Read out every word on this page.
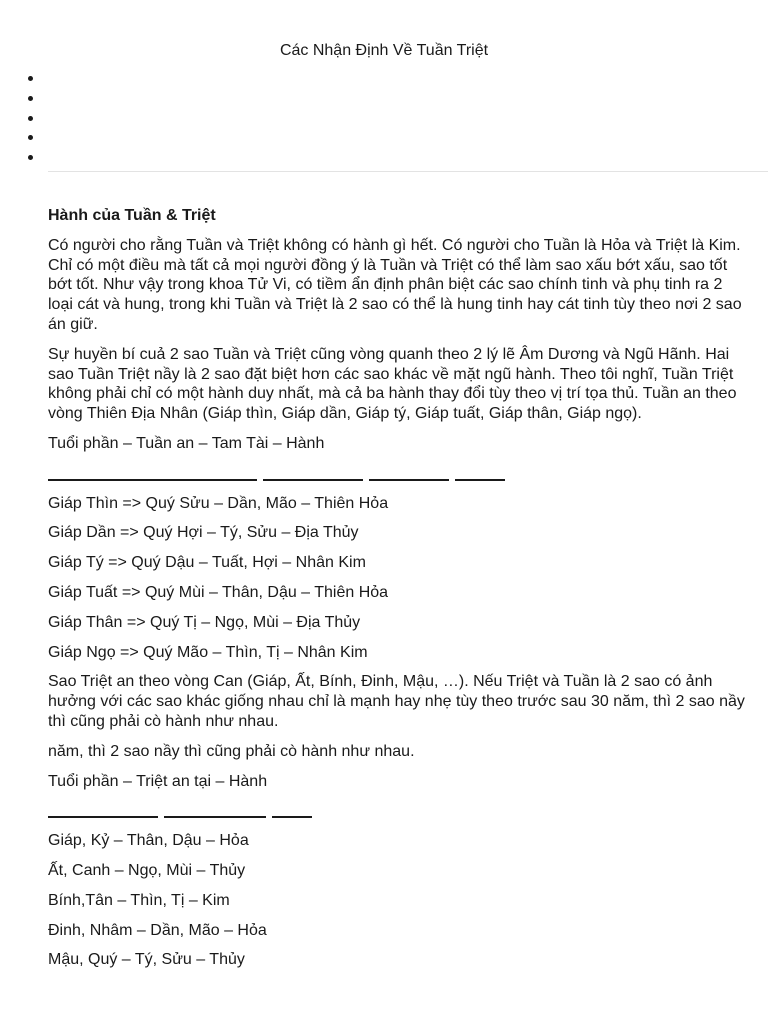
Các Nhận Định Về Tuần Triệt
Hành của Tuần & Triệt
Có người cho rằng Tuần và Triệt không có hành gì hết. Có người cho Tuần là Hỏa và Triệt là Kim. Chỉ có một điều mà tất cả mọi người đồng ý là Tuần và Triệt có thể làm sao xấu bớt xấu, sao tốt bớt tốt. Như vậy trong khoa Tử Vi, có tiềm ẩn định phân biệt các sao chính tinh và phụ tinh ra 2 loại cát và hung, trong khi Tuần và Triệt là 2 sao có thể là hung tinh hay cát tinh tùy theo nơi 2 sao án giữ.
Sự huyền bí cuả 2 sao Tuần và Triệt cũng vòng quanh theo 2 lý lẽ Âm Dương và Ngũ Hãnh. Hai sao Tuần Triệt nầy là 2 sao đặt biệt hơn các sao khác về mặt ngũ hành. Theo tôi nghĩ, Tuần Triệt không phải chỉ có một hành duy nhất, mà cả ba hành thay đổi tùy theo vị trí tọa thủ. Tuần an theo vòng Thiên Địa Nhân (Giáp thìn, Giáp dần, Giáp tý, Giáp tuất, Giáp thân, Giáp ngọ).
Tuổi phần – Tuần an – Tam Tài – Hành
Giáp Thìn => Quý Sửu – Dần, Mão – Thiên Hỏa
Giáp Dần => Quý Hợi – Tý, Sửu – Địa Thủy
Giáp Tý => Quý Dậu – Tuất, Hợi – Nhân Kim
Giáp Tuất => Quý Mùi – Thân, Dậu – Thiên Hỏa
Giáp Thân => Quý Tị – Ngọ, Mùi – Địa Thủy
Giáp Ngọ => Quý Mão – Thìn, Tị – Nhân Kim
Sao Triệt an theo vòng Can (Giáp, Ất, Bính, Đinh, Mậu, …). Nếu Triệt và Tuần là 2 sao có ảnh hưởng với các sao khác giống nhau chỉ là mạnh hay nhẹ tùy theo trước sau 30 năm, thì 2 sao nầy thì cũng phải cò hành như nhau.
năm, thì 2 sao nầy thì cũng phải cò hành như nhau.
Tuổi phần – Triệt an tại – Hành
Giáp, Kỷ – Thân, Dậu – Hỏa
Ất, Canh – Ngọ, Mùi – Thủy
Bính,Tân – Thìn, Tị – Kim
Đinh, Nhâm – Dần, Mão – Hỏa
Mậu, Quý – Tý, Sửu – Thủy
